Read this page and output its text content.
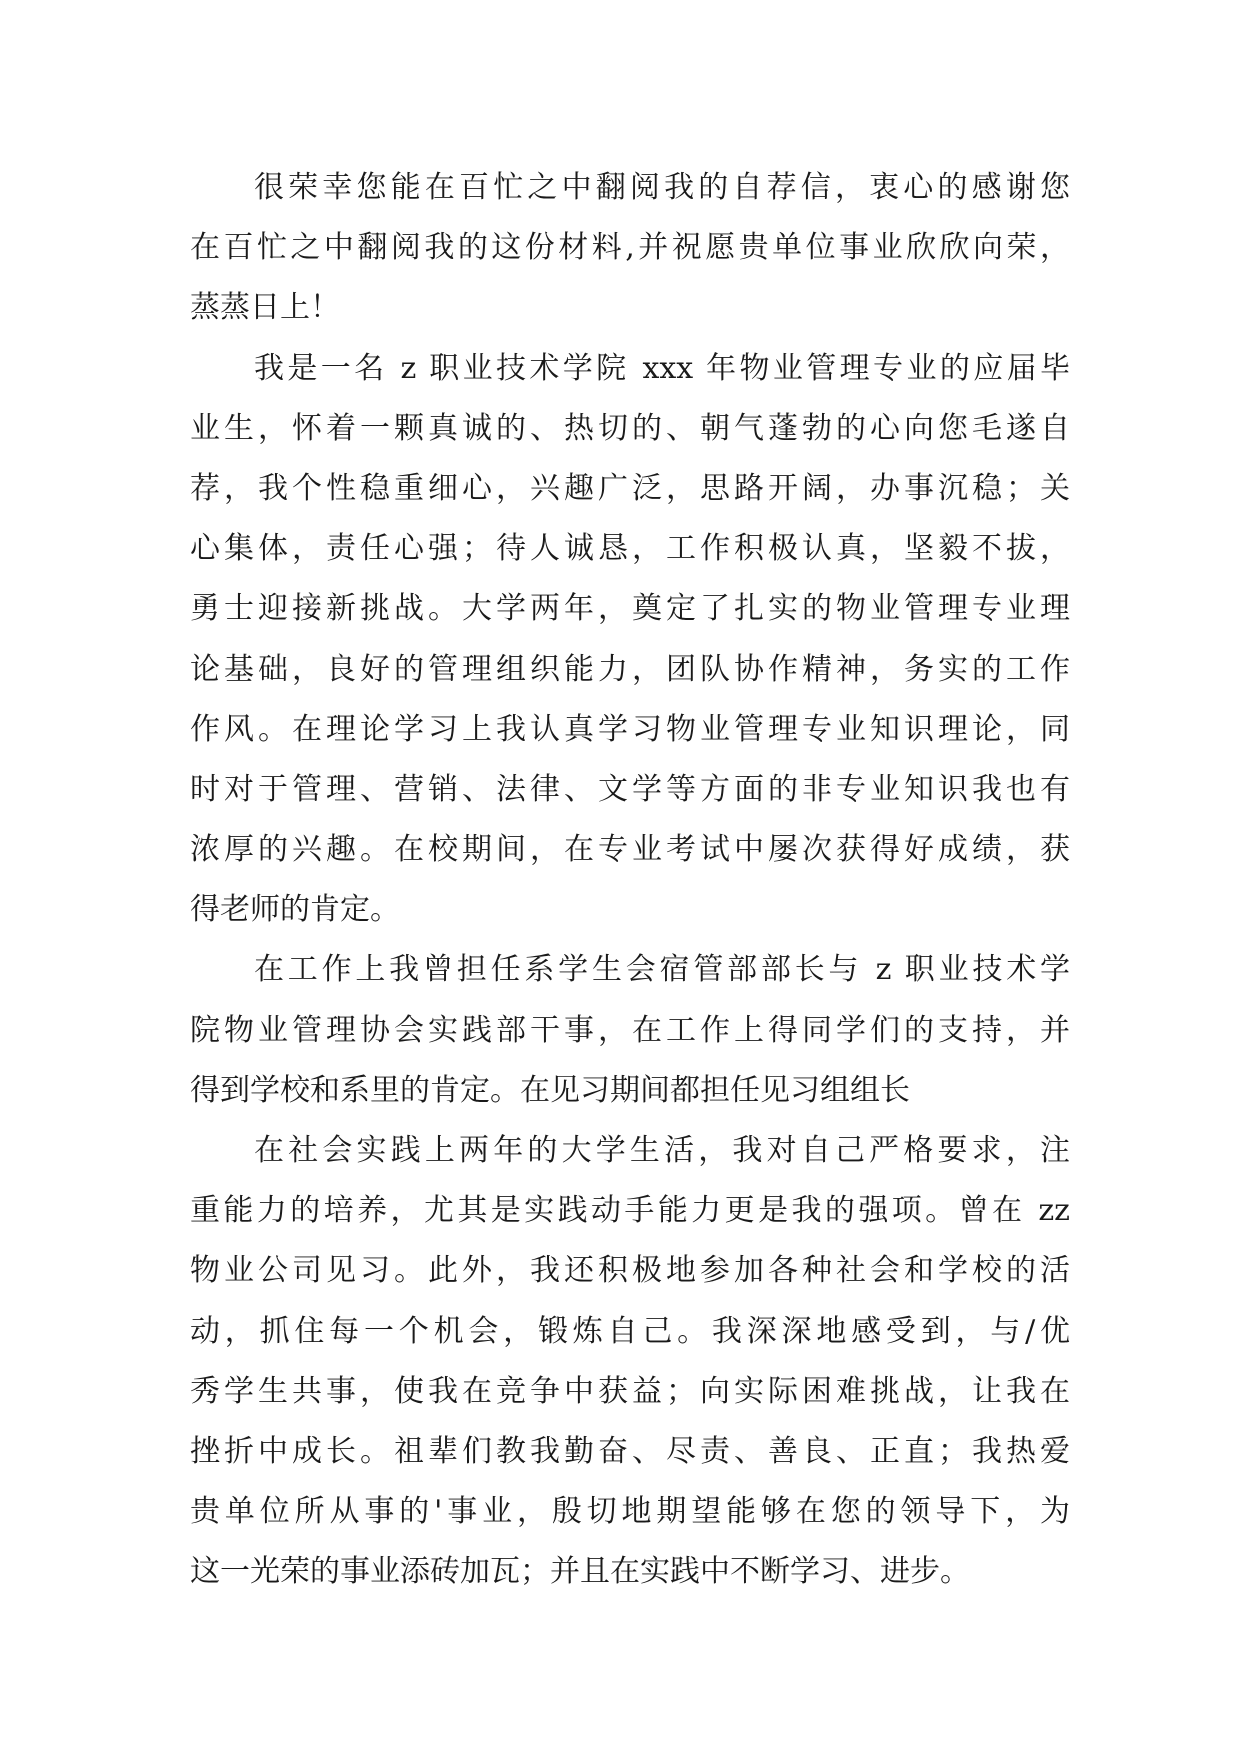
很荣幸您能在百忙之中翻阅我的自荐信，衷心的感谢您
在百忙之中翻阅我的这份材料,并祝愿贵单位事业欣欣向荣，
蒸蒸日上！
我是一名 z 职业技术学院 xxx 年物业管理专业的应届毕
业生，怀着一颗真诚的、热切的、朝气蓬勃的心向您毛遂自
荐，我个性稳重细心，兴趣广泛，思路开阔，办事沉稳；关
心集体，责任心强；待人诚恳，工作积极认真，坚毅不拔，
勇士迎接新挑战。大学两年，奠定了扎实的物业管理专业理
论基础，良好的管理组织能力，团队协作精神，务实的工作
作风。在理论学习上我认真学习物业管理专业知识理论，同
时对于管理、营销、法律、文学等方面的非专业知识我也有
浓厚的兴趣。在校期间，在专业考试中屡次获得好成绩，获
得老师的肯定。
在工作上我曾担任系学生会宿管部部长与 z 职业技术学
院物业管理协会实践部干事，在工作上得同学们的支持，并
得到学校和系里的肯定。在见习期间都担任见习组组长
在社会实践上两年的大学生活，我对自己严格要求，注
重能力的培养，尤其是实践动手能力更是我的强项。曾在 zz
物业公司见习。此外，我还积极地参加各种社会和学校的活
动，抓住每一个机会，锻炼自己。我深深地感受到，与/优
秀学生共事，使我在竞争中获益；向实际困难挑战，让我在
挫折中成长。祖辈们教我勤奋、尽责、善良、正直；我热爱
贵单位所从事的'事业，殷切地期望能够在您的领导下，为
这一光荣的事业添砖加瓦；并且在实践中不断学习、进步。
